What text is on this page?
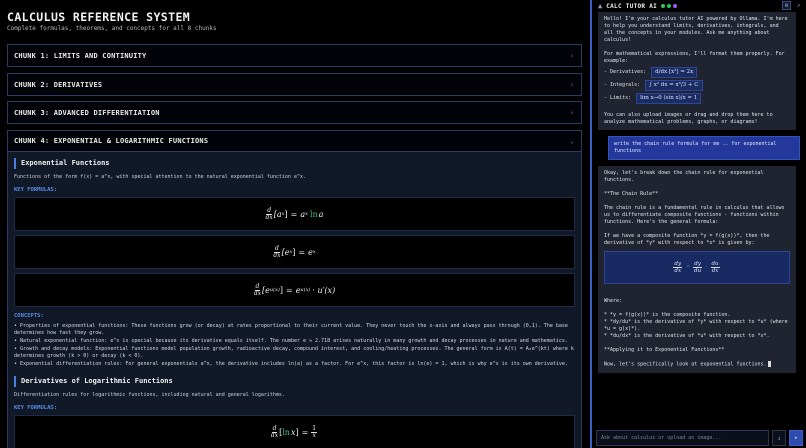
CALCULUS REFERENCE SYSTEM
Complete formulas, theorems, and concepts for all 8 chunks
CHUNK 1: LIMITS AND CONTINUITY	›
CHUNK 2: DERIVATIVES	›
CHUNK 3: ADVANCED DIFFERENTIATION	›
CHUNK 4: EXPONENTIAL & LOGARITHMIC FUNCTIONS	⌄
Exponential Functions
Functions of the form f(x) = a^x, with special attention to the natural exponential function e^x.
KEY FORMULAS:
$\frac{d}{dx} [a$ x ] = a x ln a
$\frac{d}{dx} [e$ x ] = e x
$\frac{d}{dx} [e$ u(x) ] = e u(x) · u′(x)
CONCEPTS:
• Properties of exponential functions: These functions grow (or decay) at rates proportional to their current value. They never touch the x-axis and always pass through (0,1). The base determines how fast they grow.
• Natural exponential function: e^x is special because its derivative equals itself. The number e ≈ 2.718 arises naturally in many growth and decay processes in nature and mathematics.
• Growth and decay models: Exponential functions model population growth, radioactive decay, compound interest, and cooling/heating processes. The general form is A(t) = A₀e^(kt) where k determines growth (k > 0) or decay (k < 0).
• Exponential differentiation rules: For general exponentials a^x, the derivative includes ln(a) as a factor. For e^x, this factor is ln(e) = 1, which is why e^x is its own derivative.
Derivatives of Logarithmic Functions
Differentiation rules for logarithmic functions, including natural and general logarithms.
KEY FORMULAS:
$\frac{d}{dx}$ [ ln x ] = $\frac{1}{x}$
▲ CALC TUTOR AI	⚙	↗

Hello! I'm your calculus tutor AI powered by Ollama. I'm here to help you understand limits, derivatives, integrals, and all the concepts in your modules. Ask me anything about calculus!

For mathematical expressions, I'll format them properly. For example:

- Derivatives:	d/dx [x²] = 2x
- Integrals:	∫ x² dx = x³/3 + C
- Limits:	lim x→0 (sin x)/x = 1

You can also upload images or drag and drop them here to analyze mathematical problems, graphs, or diagrams!

write the chain rule formula for me .. for exponential functions

Okay, let's break down the chain rule for exponential functions.

**The Chain Rule**

The chain rule is a fundamental rule in calculus that allows us to differentiate composite functions - functions within functions. Here's the general formula:

If we have a composite function *y = f(g(x))*, then the derivative of *y* with respect to *x* is given by:

$\frac{dy}{dx} = \frac{dy}{du} \cdot \frac{du}{dx}$

Where:

* *y = f(g(x))* is the composite function.
* *dy/du* is the derivative of *y* with respect to *u* (where *u = g(x)*).
* *du/dx* is the derivative of *u* with respect to *x*.

**Applying it to Exponential Functions**

Now, let's specifically look at exponential functions.

Ask about calculus or upload an image...
↥	➤
